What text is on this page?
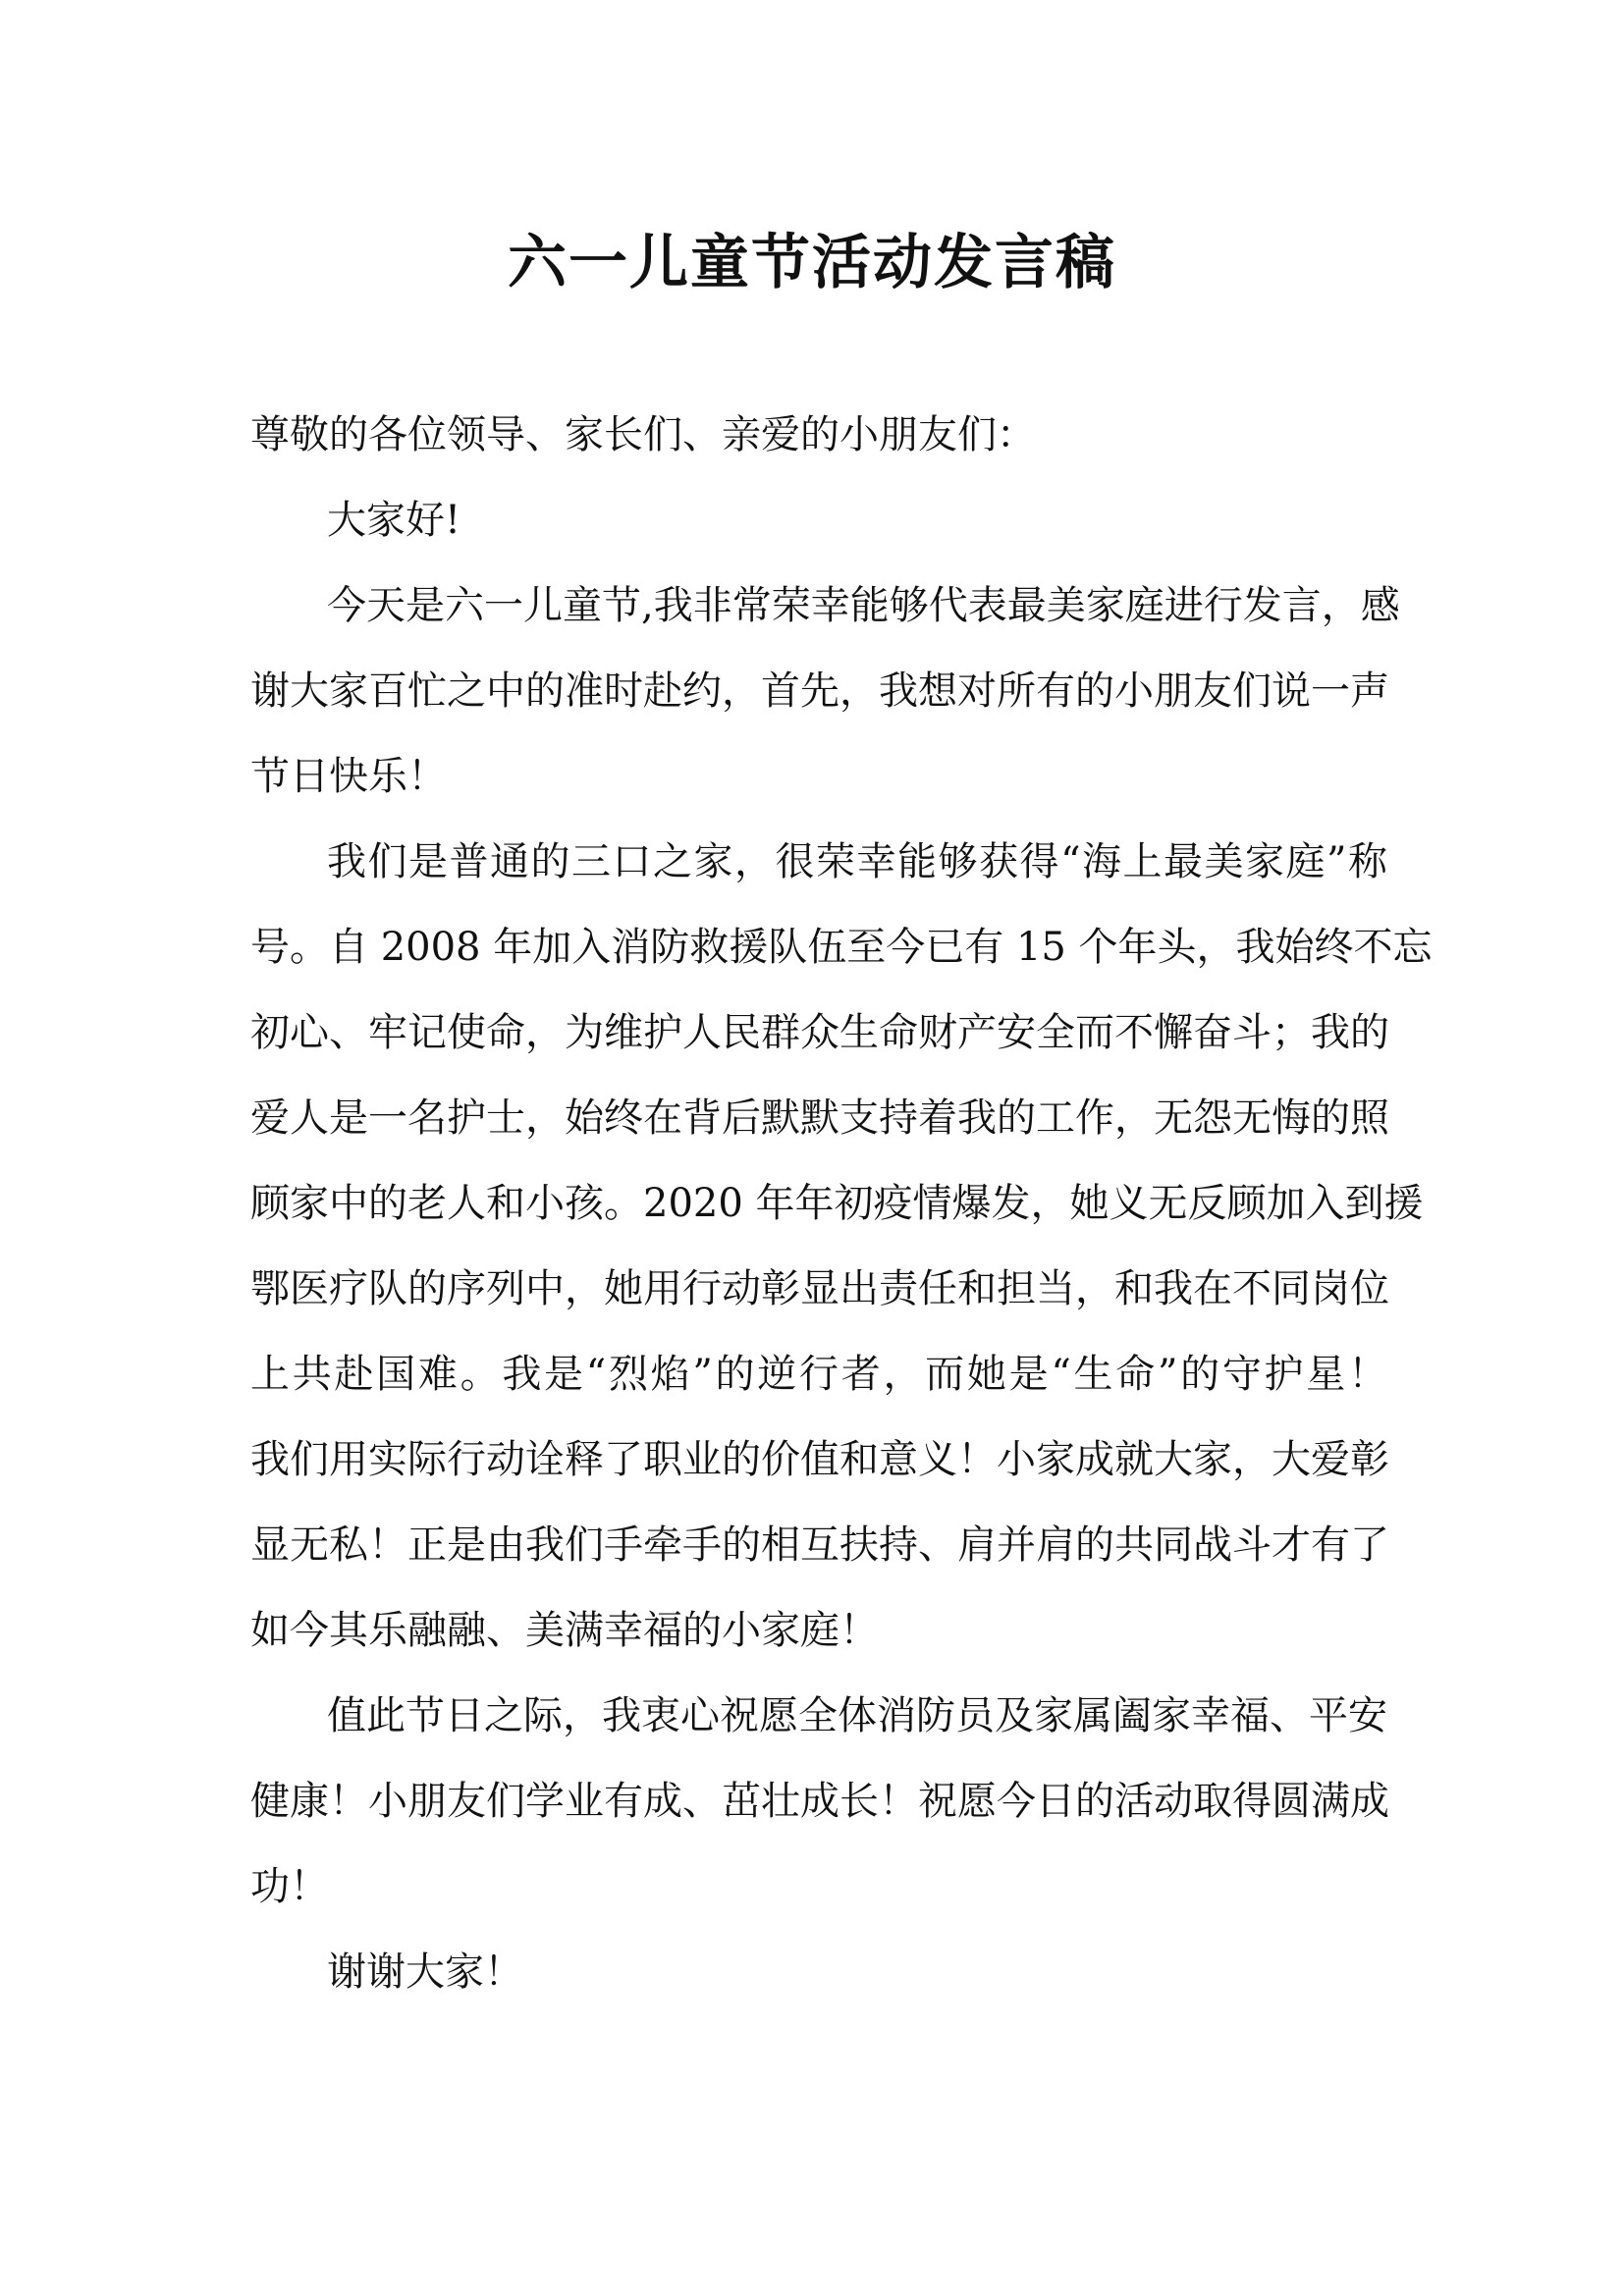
六一儿童节活动发言稿
尊敬的各位领导、家长们、亲爱的小朋友们：
大家好!
今天是六一儿童节,我非常荣幸能够代表最美家庭进行发言，感
谢大家百忙之中的准时赴约，首先，我想对所有的小朋友们说一声
节日快乐！
我们是普通的三口之家，很荣幸能够获得“海上最美家庭”称
号。自 2008 年加入消防救援队伍至今已有 15 个年头，我始终不忘
初心、牢记使命，为维护人民群众生命财产安全而不懈奋斗；我的
爱人是一名护士，始终在背后默默支持着我的工作，无怨无悔的照
顾家中的老人和小孩。2020 年年初疫情爆发，她义无反顾加入到援
鄂医疗队的序列中，她用行动彰显出责任和担当，和我在不同岗位
上共赴国难。我是“烈焰”的逆行者，而她是“生命”的守护星！
我们用实际行动诠释了职业的价值和意义！小家成就大家，大爱彰
显无私！正是由我们手牵手的相互扶持、肩并肩的共同战斗才有了
如今其乐融融、美满幸福的小家庭！
值此节日之际，我衷心祝愿全体消防员及家属阖家幸福、平安
健康！小朋友们学业有成、茁壮成长！祝愿今日的活动取得圆满成
功！
谢谢大家！
